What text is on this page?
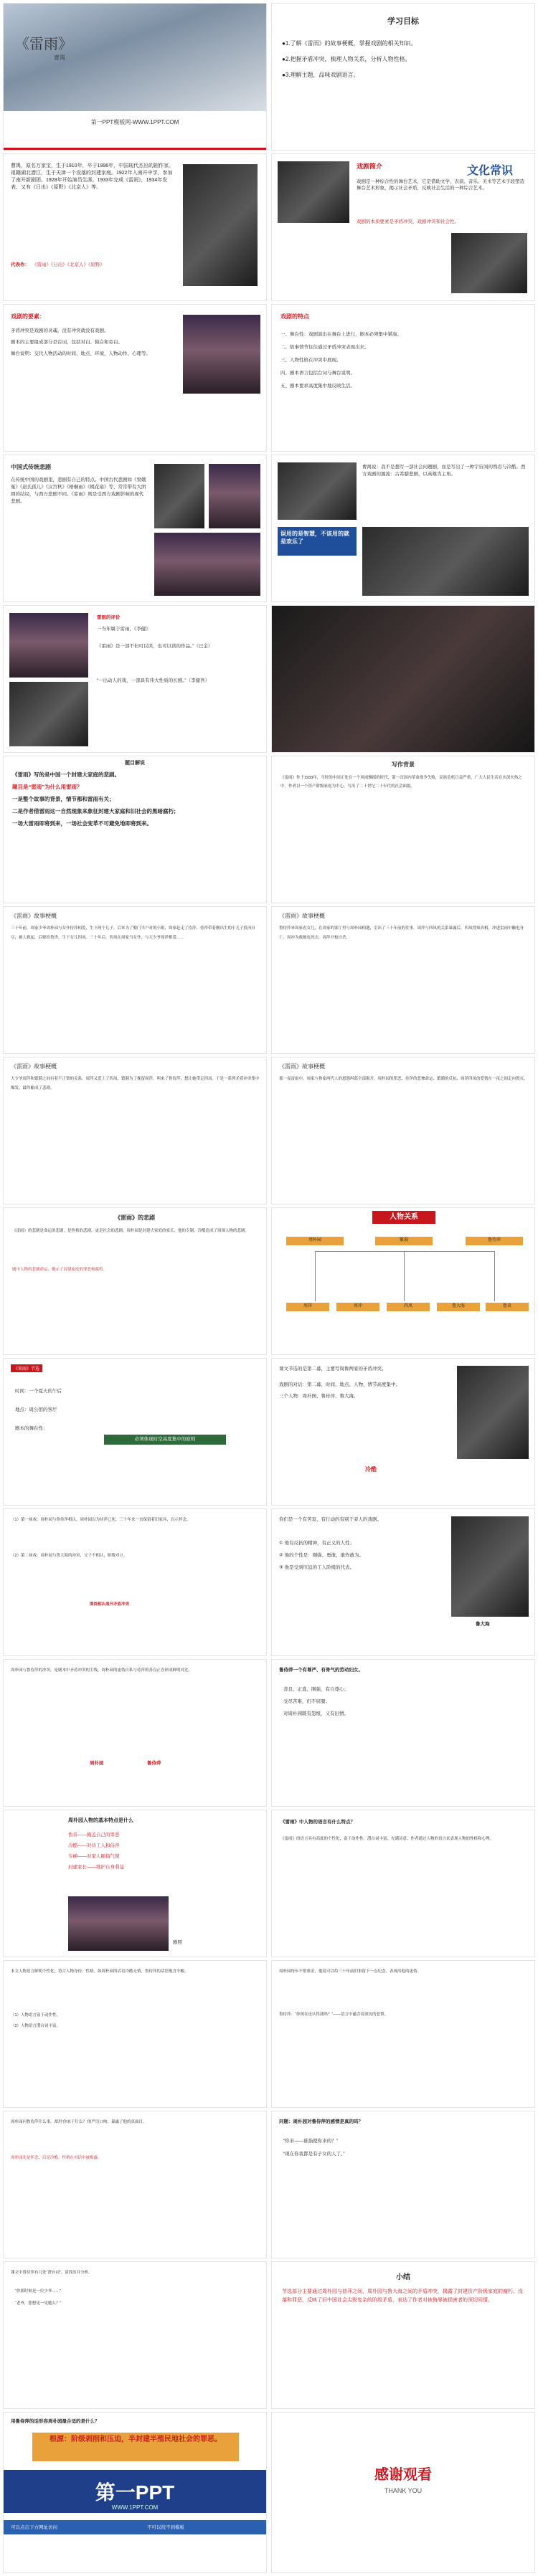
《雷雨》
曹禺
第一PPT模板网-WWW.1PPT.COM
学习目标
●1.了解《雷雨》的故事梗概，掌握戏剧的相关知识。
●2.把握矛盾冲突，梳理人物关系，分析人物性格。
●3.理解主题，品味戏剧语言。
曹禺，原名万家宝，生于1910年，卒于1996年，中国现代杰出的剧作家。祖籍湖北潜江，生于天津一个没落的封建家庭。1922年入南开中学，参加了南开新剧团。1928年开始演员生涯。1933年完成《雷雨》，1934年发表，又有《日出》《原野》《北京人》等。
代表作： 《雷雨》《日出》《北京人》《原野》
戏剧简介	文化常识
戏剧是一种综合性的舞台艺术，它是借助文学、表演、音乐、美术等艺术手段塑造舞台艺术形象，揭示社会矛盾，反映社会生活的一种综合艺术。
戏剧的本质要素是矛盾冲突，戏剧冲突和社会性。
戏剧的要素：
矛盾冲突是戏剧的灵魂，没有冲突就没有戏剧。
剧本的主要组成部分是台词，包括对白、独白和旁白。
舞台说明：交代人物活动的时间、地点、环境，人物动作、心理等。
戏剧的特点
一、舞台性：戏剧演出在舞台上进行，剧本必须集中紧凑。
二、故事情节往往通过矛盾冲突表现出来。
三、人物性格在冲突中展现。
四、剧本语言包括台词与舞台说明。
五、剧本要求高度集中地反映生活。
中国式传统悲剧
在传统中国的戏剧里，悲剧有自己的特点。中国古代悲剧如《窦娥冤》《赵氏孤儿》《汉宫秋》《梧桐雨》《桃花扇》等，常常带有大团圆的结局，与西方悲剧不同。《雷雨》则是受西方戏剧影响的现代悲剧。
曹禺说：我不是想写一部社会问题剧，而是写出了一种宇宙间的残忍与冷酷。西方戏剧的源流：古希腊悲剧，以英雄为主角。
误用的是智慧，不该用的就是欢乐了
雷雨的评价
一当年属于雷雨，《李健》
《雷雨》是一部不但可以读，也可以读的作品。”（巴金）
“一出动人的戏，一部具有伟大性质的长剧。”（李健吾）
题目解说
《雷雨》写的是中国一个封建大家庭的悲剧。
题目是“雷雨”为什么用雷雨？
一是整个故事的背景，情节都和雷雨有关；
二是作者借雷雨这一自然现象来象征封建大家庭和旧社会的黑暗腐朽；
一场大雷雨即将到来，一场社会变革不可避免地即将到来。
写作背景
《雷雨》作于1933年，当时的中国正处在一个风雨飘摇的时代，第一次国内革命战争失败，民族危机日益严重，广大人民生活在水深火热之中。作者以一个资产阶级家庭为中心，写出了二十世纪二十年代的社会面貌。
《雷雨》故事梗概
三十年前，周家少爷周朴园与女仆侍萍相爱，生下两个儿子。后来为了娶门当户对的小姐，周家赶走了侍萍。侍萍带着刚出生的小儿子投河自尽，被人救起，后嫁给鲁贵，生下女儿四凤。三十年后，四凤在周家当女仆，与大少爷周萍相爱……
《雷雨》故事梗概
鲁侍萍来周家看女儿，在周家的客厅里与周朴园相遇，引出了三十年前的往事。周萍与四凤的关系暴露后，四凤得知真相，冲进雷雨中触电身亡，周冲为救她也死去，周萍开枪自杀。
《雷雨》故事梗概
大少爷周萍和繁漪之间有着不正常的关系，周萍又爱上了四凤。繁漪为了挽留周萍，叫来了鲁侍萍，想让她带走四凤。于是一系列矛盾冲突集中爆发，最终酿成了悲剧。
《雷雨》故事梗概
那一夜雷雨中，周家与鲁家两代人的恩怨纠葛全部揭开。周朴园的罪恶、侍萍的悲惨命运、繁漪的反抗、周萍四凤的爱情在一夜之间走向毁灭。
《雷雨》的悲剧
《雷雨》的悲剧是命运的悲剧，是性格的悲剧，更是社会的悲剧。周朴园是封建大家庭的家长，他的专制、冷酷造成了周围人物的悲剧。
剧中人物的悲剧命运，揭示了封建家庭的罪恶和腐朽。
人物关系
周朴园	鲁侍萍
繁漪
周萍	周冲	四凤	鲁大海	鲁贵
《雷雨》节选
时间：一个夏天的午后
地点：周公馆的客厅
剧本的舞台性：
必须体现时空高度集中的原则
课文节选的是第二幕，主要写周鲁两家的矛盾冲突。
戏剧的对话：第二幕，时间、地点、人物、情节高度集中。
三个人物：周朴园、鲁侍萍、鲁大海。
冷酷
（1）第一场戏：周朴园与鲁侍萍相认。周朴园以为侍萍已死，三十年来一直保留着旧家具，以示怀念。
（2）第二场戏：周朴园与鲁大海的冲突，父子不相认，阶级对立。
围绕相认展开矛盾冲突
你们是一个有苦衷、有行动的有别于旁人的戏剧。
① 他有反抗的精神，有正义的人性；
② 他的个性是：刚强、勇敢、敢作敢为。
③ 他是受到压迫的工人阶级的代表。
鲁大海
周朴园与鲁侍萍的冲突，是剧本中矛盾冲突的主线。周朴园的虚伪自私与侍萍的善良正直形成鲜明对比。
周朴园	鲁侍萍
鲁侍萍一个有尊严、有骨气的劳动妇女。
善良、正直、刚强，有自尊心；
受尽苦难，仍不屈服；
对周朴园既有怨恨，又有旧情。
周朴园人物的基本特点是什么
伪善——掩盖自己的罪恶
冷酷——对待工人和侍萍
专横——对家人颐指气使
封建家长——维护自身利益
剧照
《雷雨》中人物的语言有什么特点？
《雷雨》的语言具有高度的个性化，富于动作性，潜台词丰富，充满诗意。作者通过人物的语言来表现人物的性格和心理。
本文人物语言鲜明个性化，符合人物身份、性格。如周朴园的话语冷酷无情，鲁侍萍的话语饱含辛酸。
（1）人物语言富于动作性。
（2）人物语言潜台词丰富。
周朴园每年不惜重金，他说可以给三十年前旧事留下一点纪念，表现出他的虚伪。
鲁侍萍：“你现在还认得我吗？”——语言中蕴含着深沉的悲愤。
周朴园问鲁侍萍什么事，却用‘你来干什么？’的严厉口吻，暴露了他的真面目。
周朴园先是怀念，后是冷酷，性格在对话中被揭露。
问题：周朴园对鲁侍萍的感情是真的吗？
“你来——谁指使你来的？”
“现在你我都是有子女的人了。”
课文中鲁侍萍有几处“潜台词”，请找出并分析。
“你那时候是一位少爷……”
“老爷，您想见一见她么？”
小结
节选部分主要通过周朴园与侍萍之间、周朴园与鲁大海之间的矛盾冲突，揭露了封建资产阶级家庭的腐朽、没落和罪恶，反映了旧中国社会尖锐复杂的阶级矛盾，表达了作者对被侮辱被损害者的深切同情。
用鲁侍萍的话形容周朴园最合适的是什么？
根源：阶级剥削和压迫，半封建半殖民地社会的罪恶。
第一PPT
WWW.1PPT.COM
可以点击下方网址访问	不可以找不到模板
感谢观看
THANK YOU
